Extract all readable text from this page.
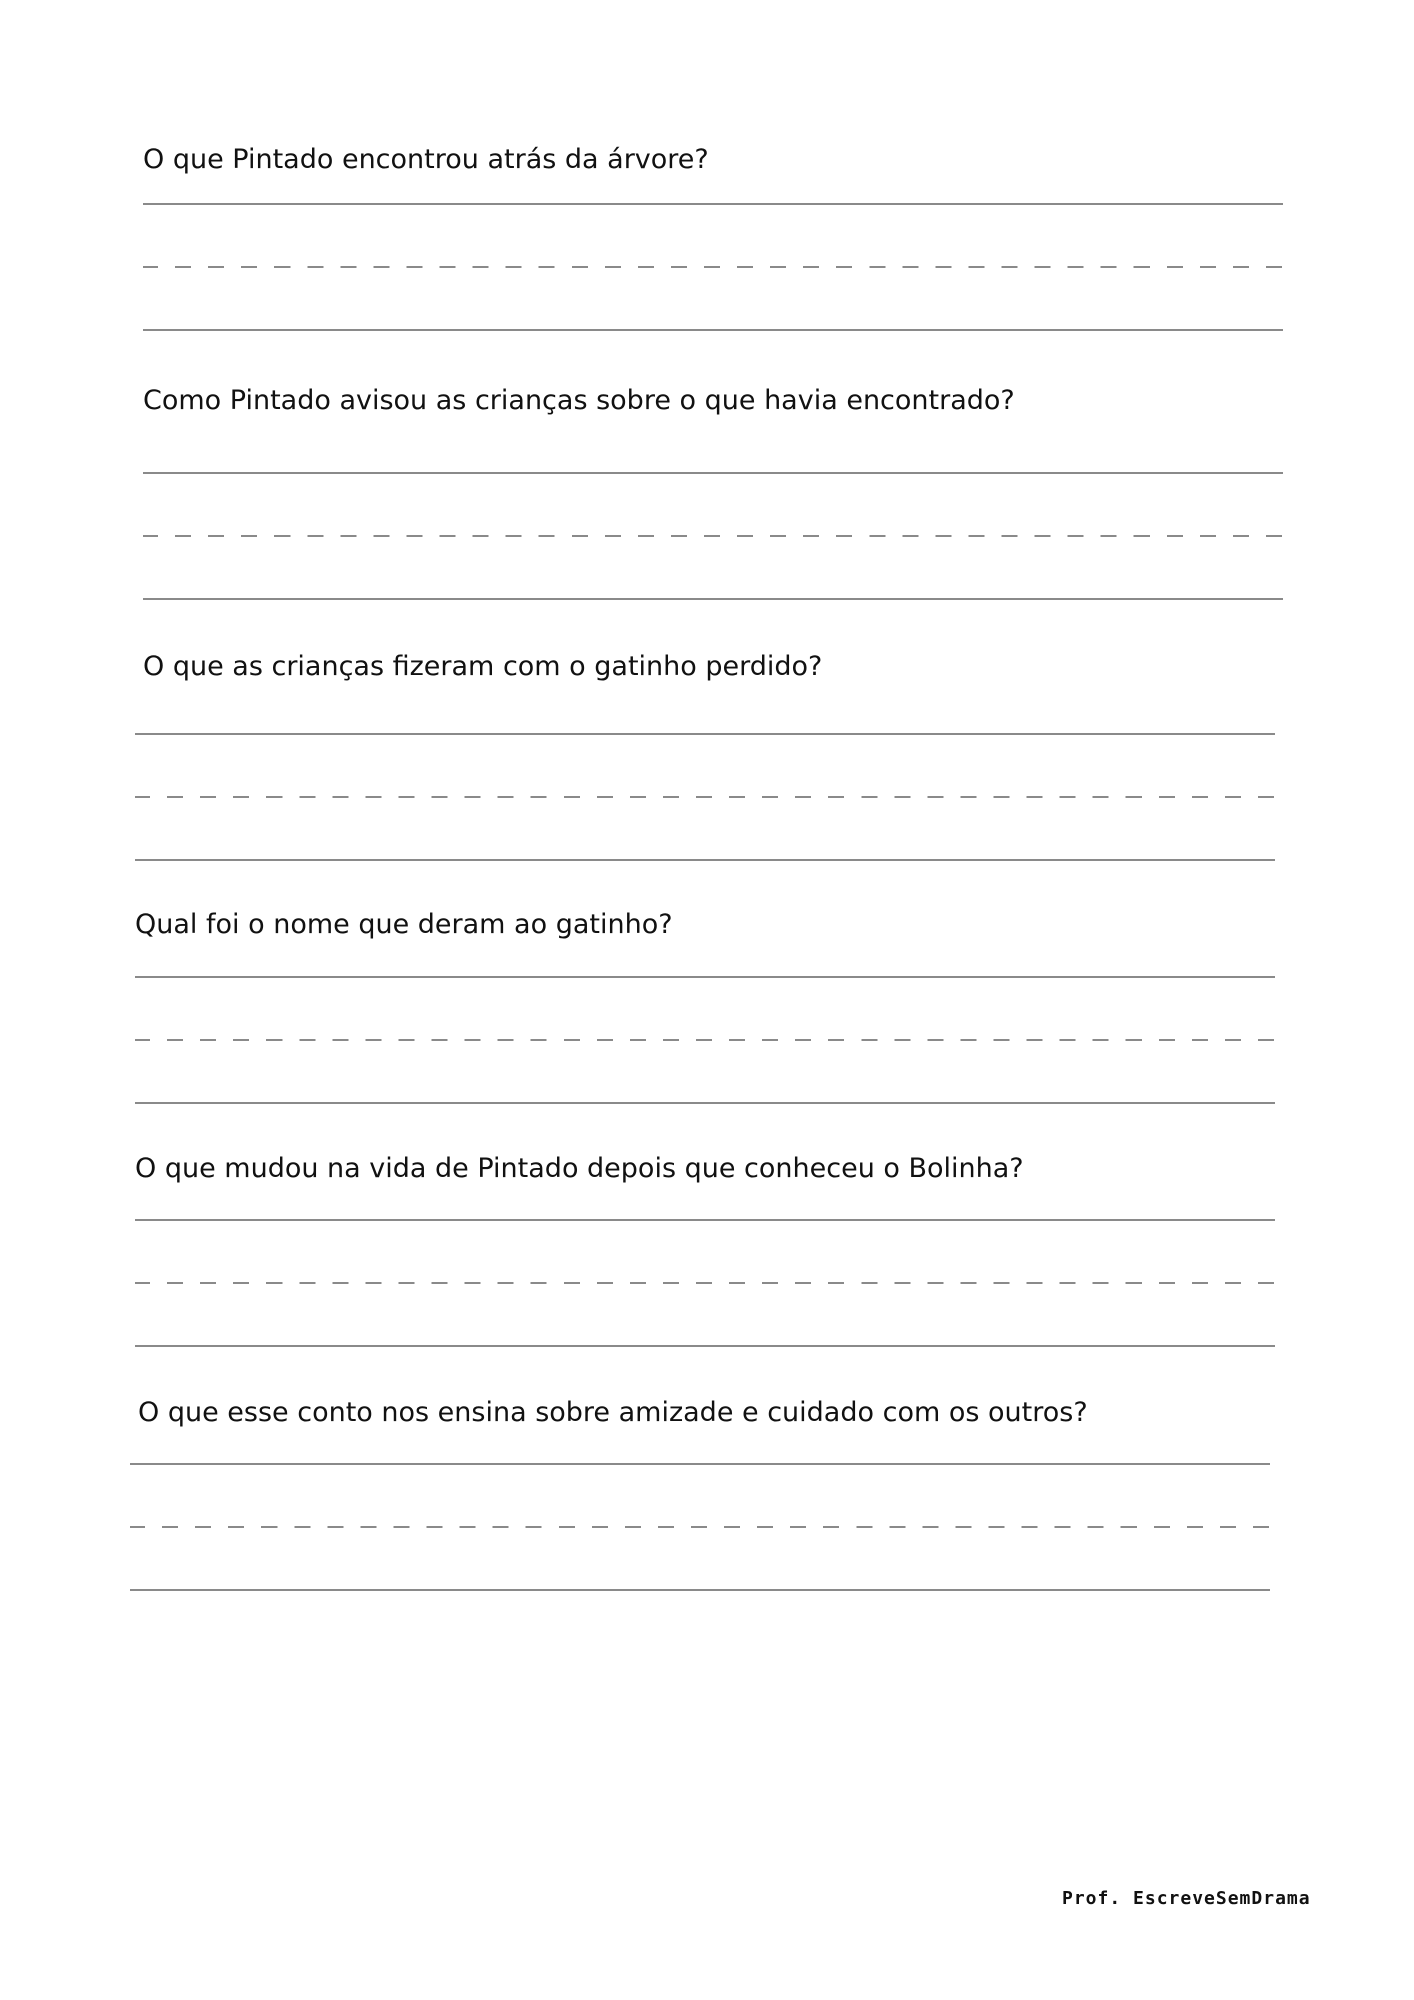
O que Pintado encontrou atrás da árvore?
Como Pintado avisou as crianças sobre o que havia encontrado?
O que as crianças fizeram com o gatinho perdido?
Qual foi o nome que deram ao gatinho?
O que mudou na vida de Pintado depois que conheceu o Bolinha?
O que esse conto nos ensina sobre amizade e cuidado com os outros?
Prof. EscreveSemDrama
